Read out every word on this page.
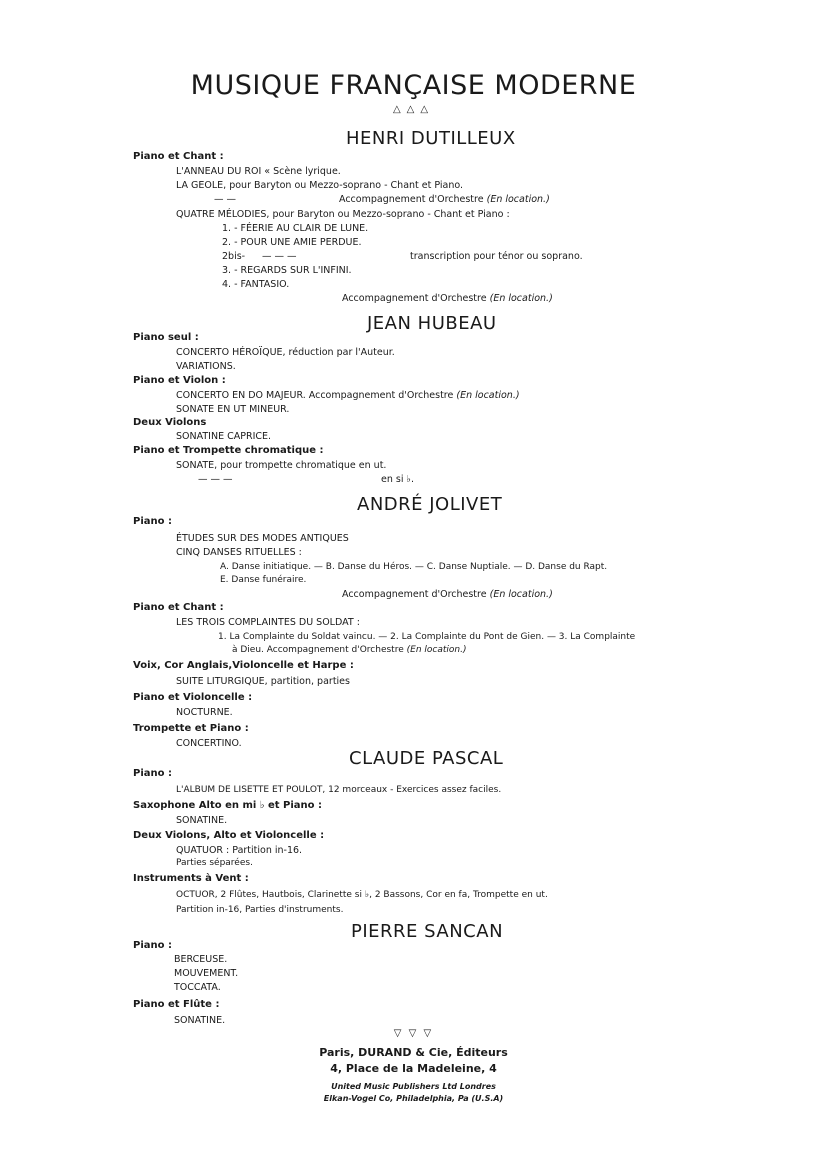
MUSIQUE FRANÇAISE MODERNE
△△△
HENRI DUTILLEUX
Piano et Chant :
L'ANNEAU DU ROI « Scène lyrique.
LA GEOLE, pour Baryton ou Mezzo-soprano - Chant et Piano.
— —	Accompagnement d'Orchestre (En location.)
QUATRE MÉLODIES, pour Baryton ou Mezzo-soprano - Chant et Piano :
1. - FÉERIE AU CLAIR DE LUNE.
2. - POUR UNE AMIE PERDUE.
2bis- — — —	transcription pour ténor ou soprano.
3. - REGARDS SUR L'INFINI.
4. - FANTASIO.
Accompagnement d'Orchestre (En location.)
JEAN HUBEAU
Piano seul :
CONCERTO HÉROÏQUE, réduction par l'Auteur.
VARIATIONS.
Piano et Violon :
CONCERTO EN DO MAJEUR. Accompagnement d'Orchestre (En location.)
SONATE EN UT MINEUR.
Deux Violons
SONATINE CAPRICE.
Piano et Trompette chromatique :
SONATE, pour trompette chromatique en ut.
— — —	en si ♭.
ANDRÉ JOLIVET
Piano :
ÉTUDES SUR DES MODES ANTIQUES
CINQ DANSES RITUELLES :
A. Danse initiatique. — B. Danse du Héros. — C. Danse Nuptiale. — D. Danse du Rapt.
E. Danse funéraire.
Accompagnement d'Orchestre (En location.)
Piano et Chant :
LES TROIS COMPLAINTES DU SOLDAT :
1. La Complainte du Soldat vaincu. — 2. La Complainte du Pont de Gien. — 3. La Complainte
à Dieu. Accompagnement d'Orchestre (En location.)
Voix, Cor Anglais,Violoncelle et Harpe :
SUITE LITURGIQUE, partition, parties
Piano et Violoncelle :
NOCTURNE.
Trompette et Piano :
CONCERTINO.
CLAUDE PASCAL
Piano :
L'ALBUM DE LISETTE ET POULOT, 12 morceaux - Exercices assez faciles.
Saxophone Alto en mi ♭ et Piano :
SONATINE.
Deux Violons, Alto et Violoncelle :
QUATUOR : Partition in-16.
Parties séparées.
Instruments à Vent :
OCTUOR, 2 Flûtes, Hautbois, Clarinette si ♭, 2 Bassons, Cor en fa, Trompette en ut.
Partition in-16, Parties d'instruments.
PIERRE SANCAN
Piano :
BERCEUSE.
MOUVEMENT.
TOCCATA.
Piano et Flûte :
SONATINE.
▽ ▽ ▽
Paris, DURAND & Cie, Éditeurs
4, Place de la Madeleine, 4
United Music Publishers Ltd Londres
Elkan-Vogel Co, Philadelphia, Pa (U.S.A)
